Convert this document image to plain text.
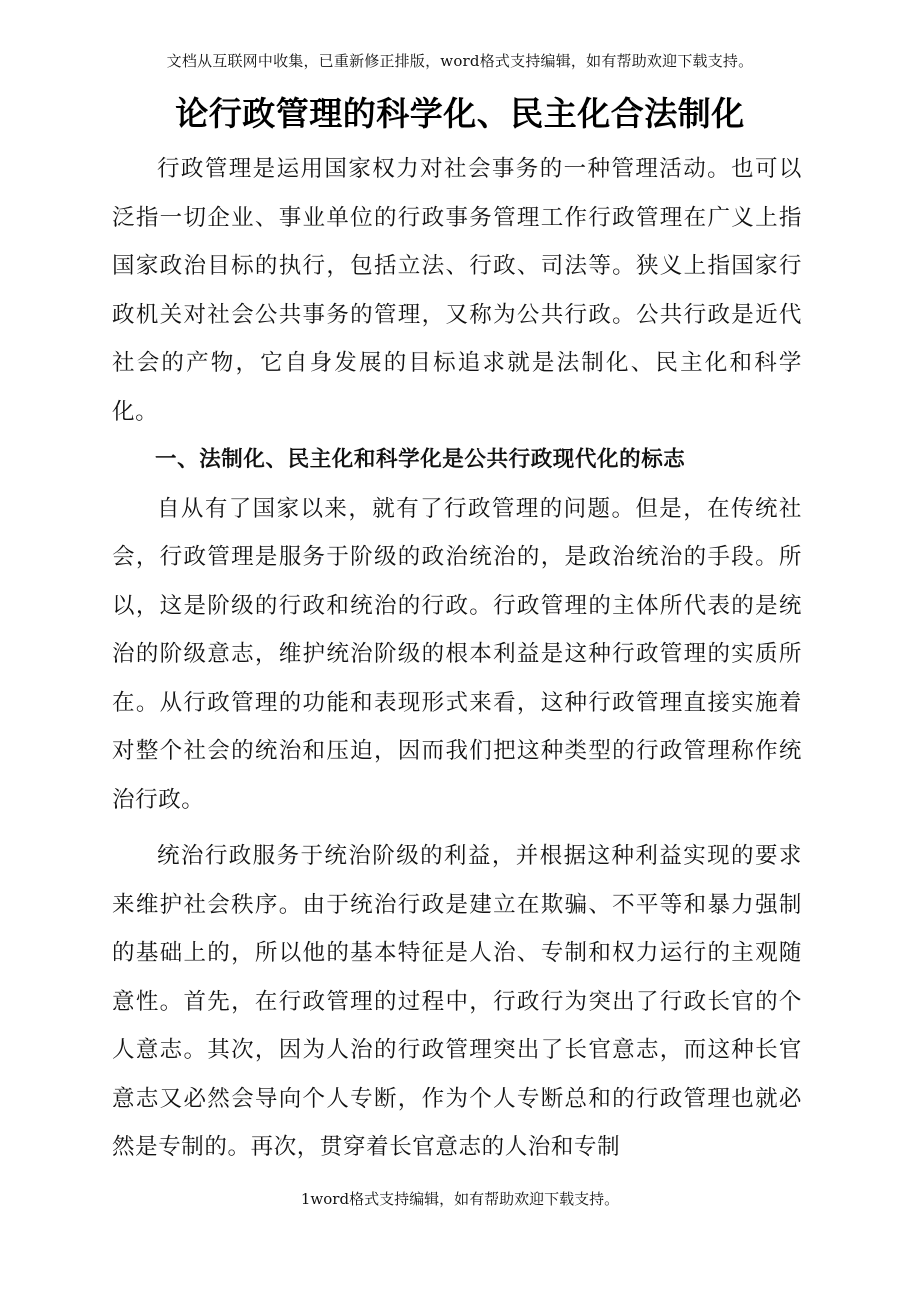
文档从互联网中收集，已重新修正排版，word格式支持编辑，如有帮助欢迎下载支持。
论行政管理的科学化、民主化合法制化

行政管理是运用国家权力对社会事务的一种管理活动。也可以泛指一切企业、事业单位的行政事务管理工作行政管理在广义上指国家政治目标的执行，包括立法、行政、司法等。狭义上指国家行政机关对社会公共事务的管理，又称为公共行政。公共行政是近代社会的产物，它自身发展的目标追求就是法制化、民主化和科学化。

一、法制化、民主化和科学化是公共行政现代化的标志

自从有了国家以来，就有了行政管理的问题。但是，在传统社会，行政管理是服务于阶级的政治统治的，是政治统治的手段。所以，这是阶级的行政和统治的行政。行政管理的主体所代表的是统治的阶级意志，维护统治阶级的根本利益是这种行政管理的实质所在。从行政管理的功能和表现形式来看，这种行政管理直接实施着对整个社会的统治和压迫，因而我们把这种类型的行政管理称作统治行政。

统治行政服务于统治阶级的利益，并根据这种利益实现的要求来维护社会秩序。由于统治行政是建立在欺骗、不平等和暴力强制的基础上的，所以他的基本特征是人治、专制和权力运行的主观随意性。首先，在行政管理的过程中，行政行为突出了行政长官的个人意志。其次，因为人治的行政管理突出了长官意志，而这种长官意志又必然会导向个人专断，作为个人专断总和的行政管理也就必然是专制的。再次，贯穿着长官意志的人治和专制

1word格式支持编辑，如有帮助欢迎下载支持。
